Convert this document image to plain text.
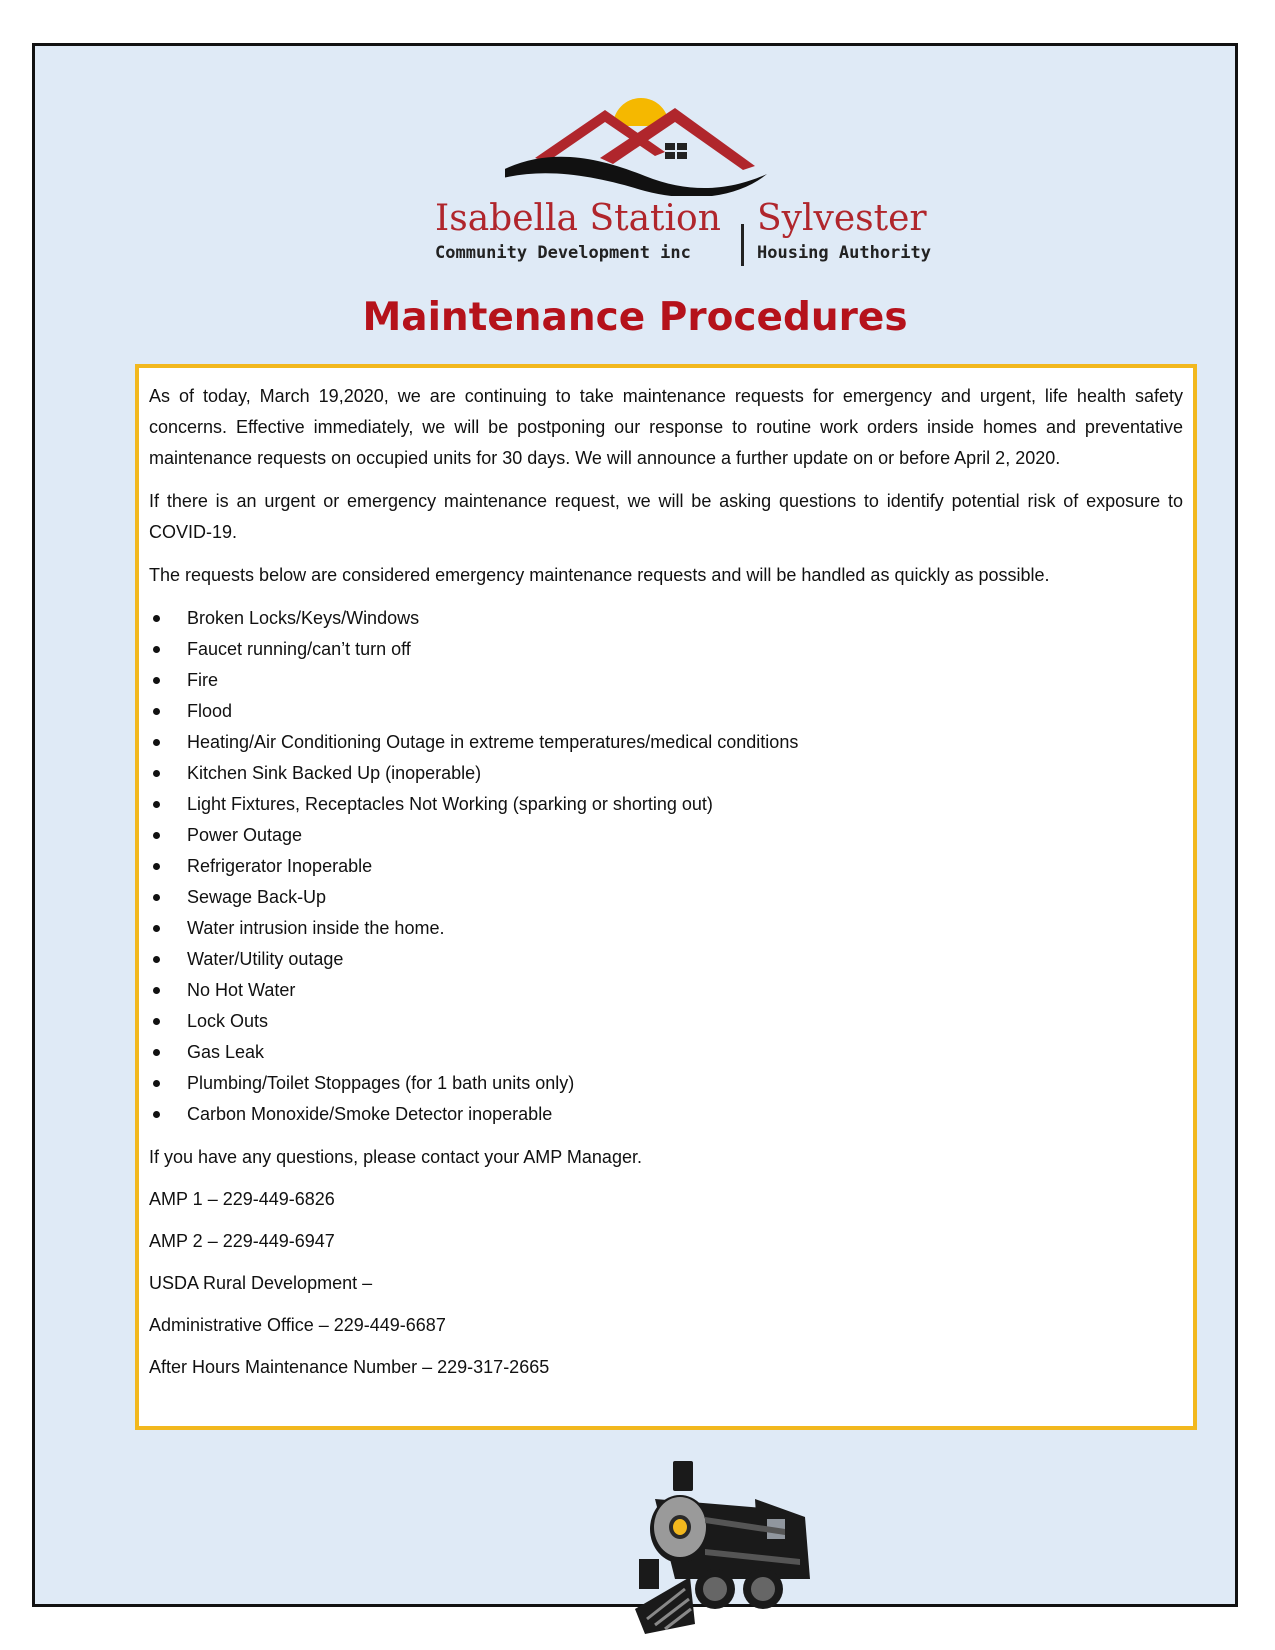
Isabella Station
Community Development inc
Sylvester
Housing Authority
Maintenance Procedures

As of today, March 19,2020, we are continuing to take maintenance requests for emergency and urgent, life health safety concerns. Effective immediately, we will be postponing our response to routine work orders inside homes and preventative maintenance requests on occupied units for 30 days. We will announce a further update on or before April 2, 2020.

If there is an urgent or emergency maintenance request, we will be asking questions to identify potential risk of exposure to COVID-19.

The requests below are considered emergency maintenance requests and will be handled as quickly as possible.

Broken Locks/Keys/Windows
Faucet running/can’t turn off
Fire
Flood
Heating/Air Conditioning Outage in extreme temperatures/medical conditions
Kitchen Sink Backed Up (inoperable)
Light Fixtures, Receptacles Not Working (sparking or shorting out)
Power Outage
Refrigerator Inoperable
Sewage Back-Up
Water intrusion inside the home.
Water/Utility outage
No Hot Water
Lock Outs
Gas Leak
Plumbing/Toilet Stoppages (for 1 bath units only)
Carbon Monoxide/Smoke Detector inoperable

If you have any questions, please contact your AMP Manager.

AMP 1 – 229-449-6826

AMP 2 – 229-449-6947

USDA Rural Development –

Administrative Office – 229-449-6687

After Hours Maintenance Number – 229-317-2665
